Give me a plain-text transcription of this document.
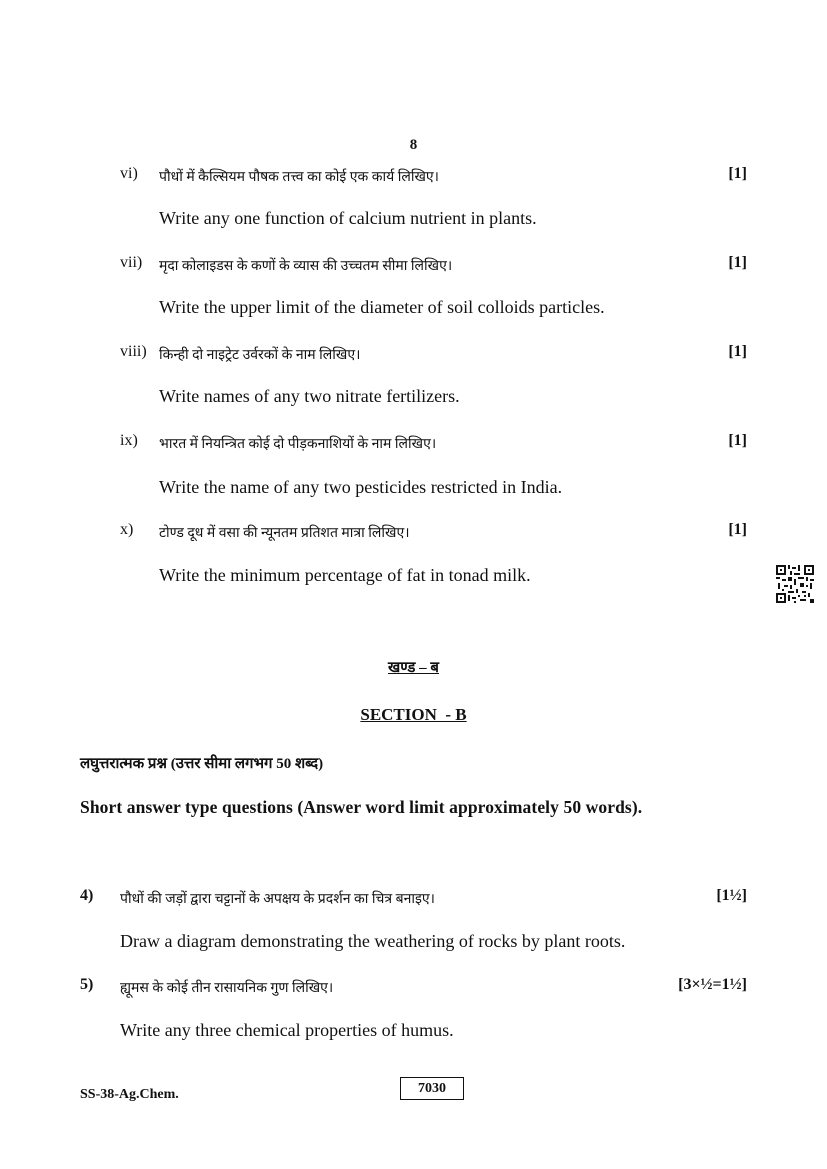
8
vi) पौधों में कैल्सियम पौषक तत्त्व का कोई एक कार्य लिखिए।	[1]
Write any one function of calcium nutrient in plants.
vii) मृदा कोलाइडस के कणों के व्यास की उच्चतम सीमा लिखिए।	[1]
Write the upper limit of the diameter of soil colloids particles.
viii) किन्ही दो नाइट्रेट उर्वरकों के नाम लिखिए।	[1]
Write names of any two nitrate fertilizers.
ix) भारत में नियन्त्रित कोई दो पीड़कनाशियों के नाम लिखिए।	[1]
Write the name of any two pesticides restricted in India.
x) टोण्ड दूध में वसा की न्यूनतम प्रतिशत मात्रा लिखिए।	[1]
Write the minimum percentage of fat in tonad milk.
खण्ड – ब
SECTION  - B
लघुत्तरात्मक प्रश्न (उत्तर सीमा लगभग 50 शब्द)
Short answer type questions (Answer word limit approximately 50 words).
4) पौधों की जड़ों द्वारा चट्टानों के अपक्षय के प्रदर्शन का चित्र बनाइए।	[1½]
Draw a diagram demonstrating the weathering of rocks by plant roots.
5) ह्यूमस के कोई तीन रासायनिक गुण लिखिए।	[3×½=1½]
Write any three chemical properties of humus.
SS-38-Ag.Chem.	7030
